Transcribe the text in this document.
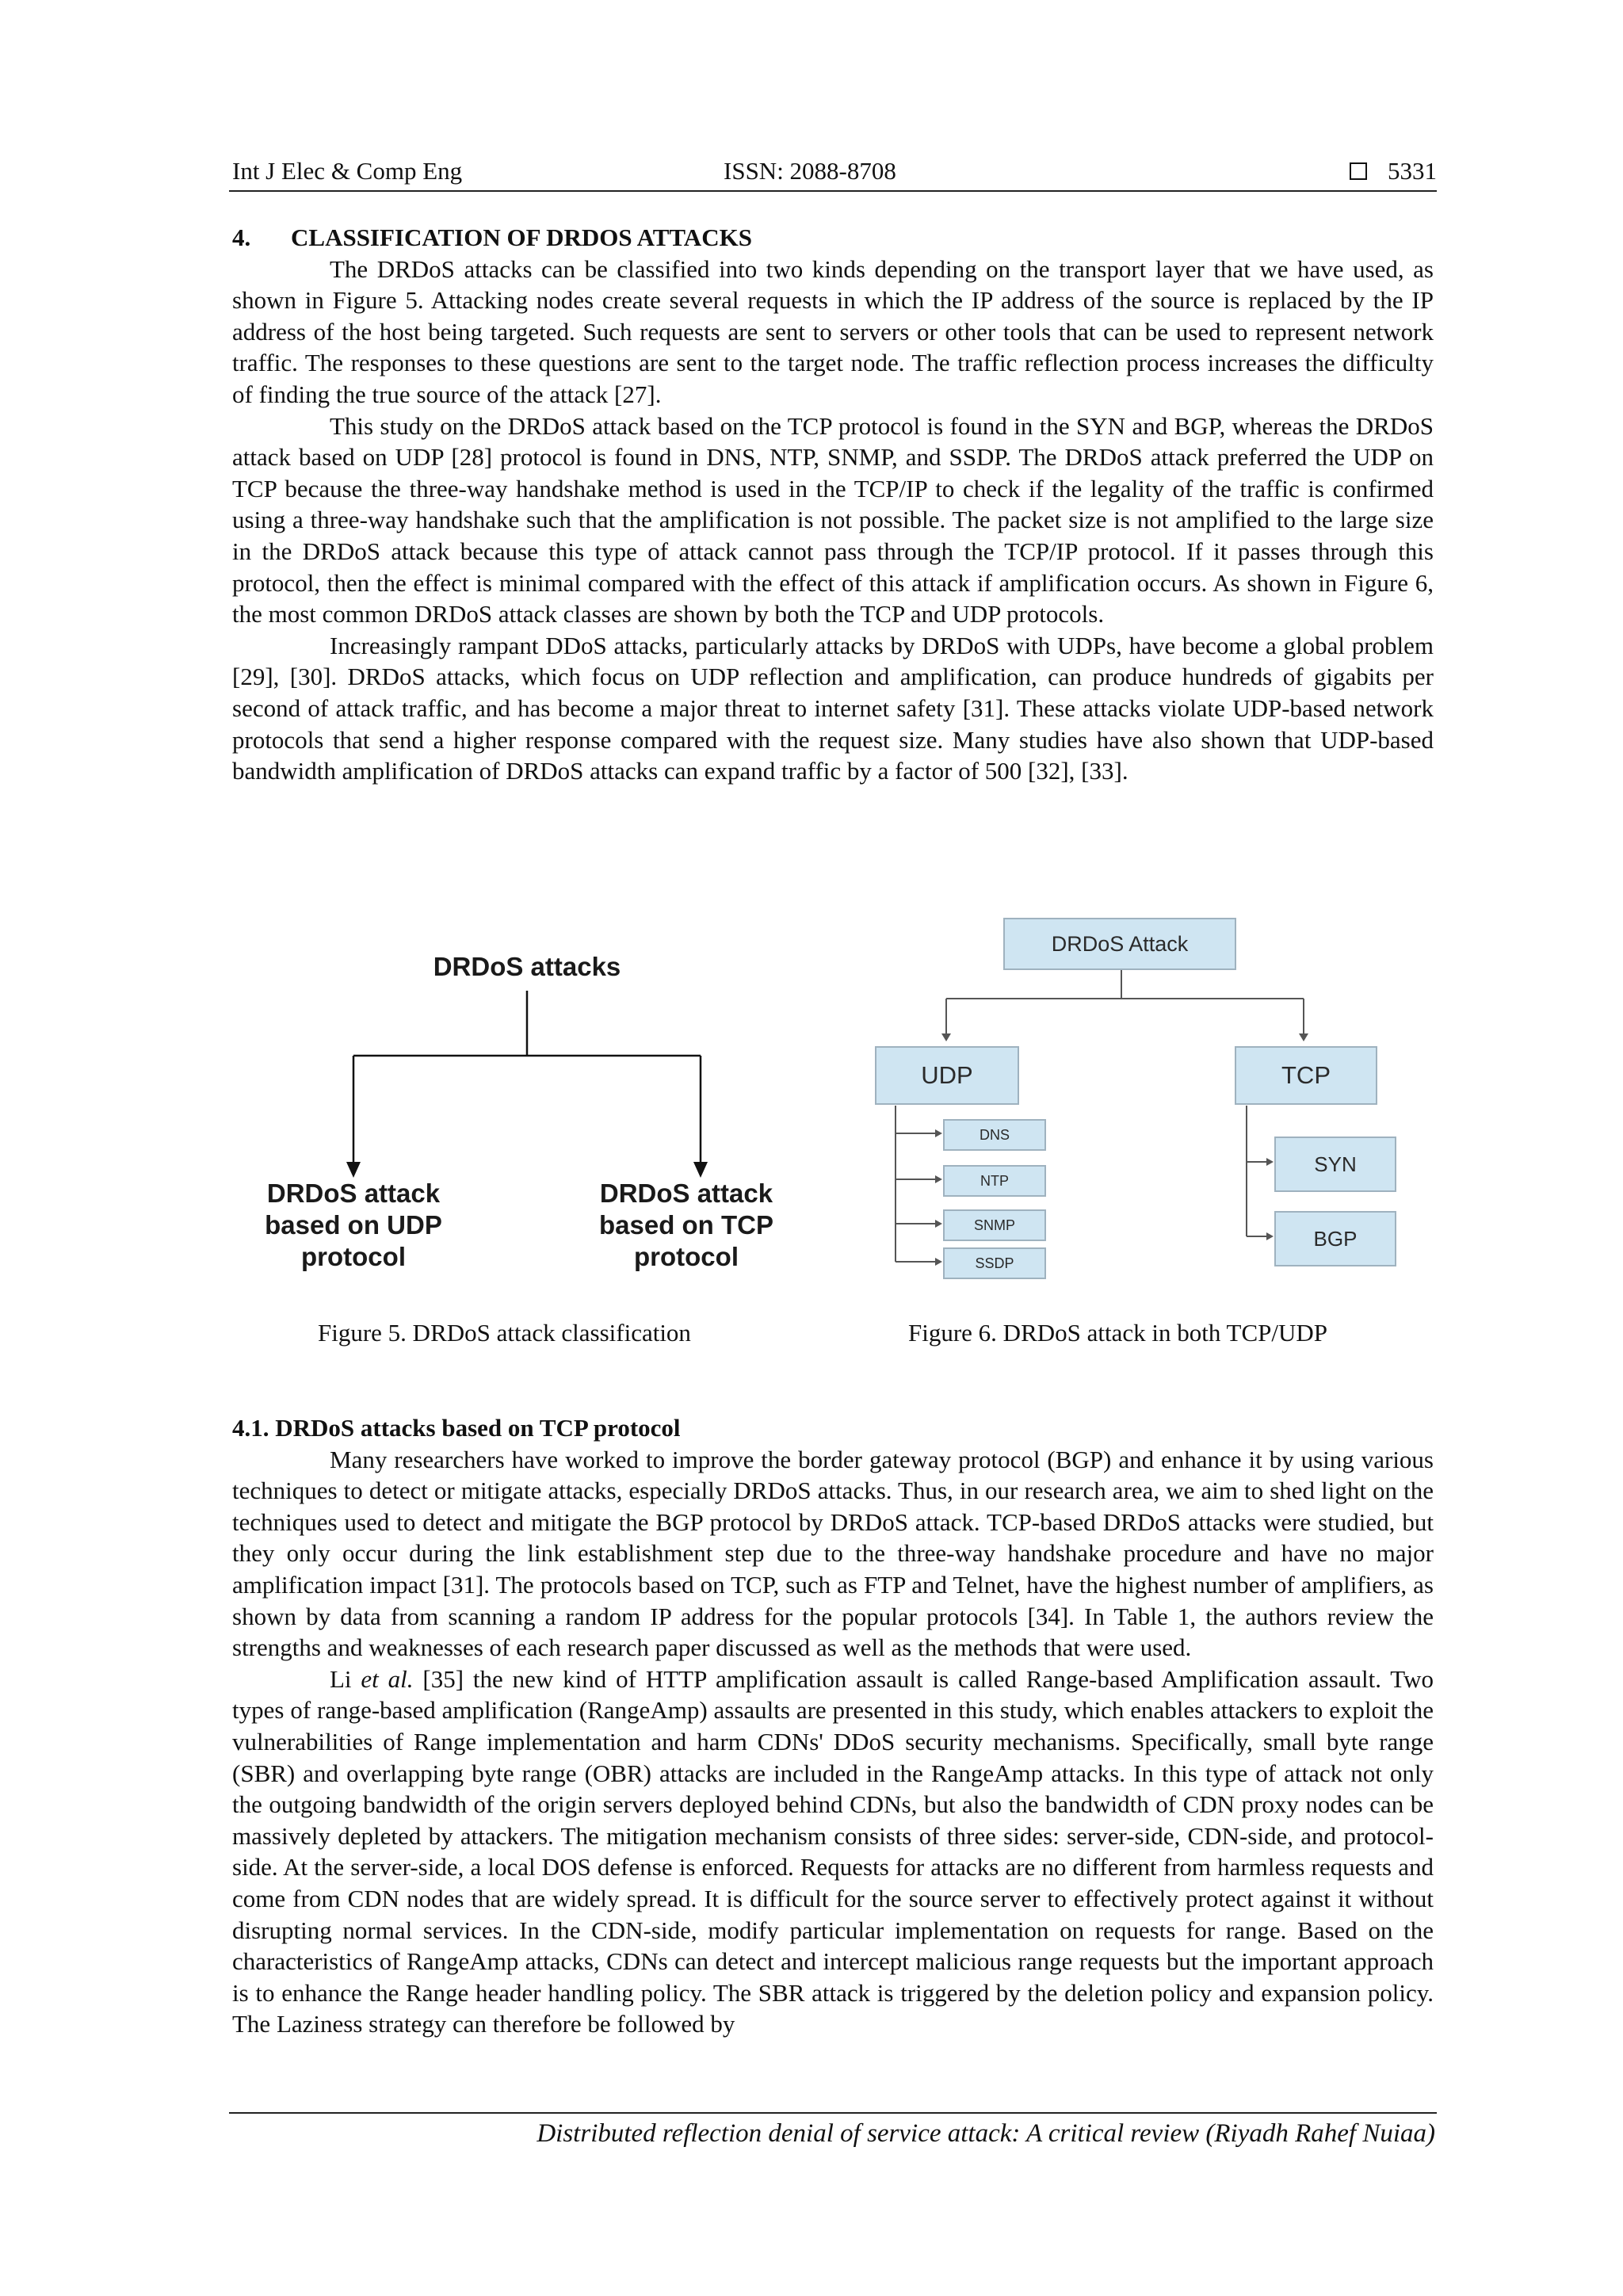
Int J Elec & Comp Eng	ISSN: 2088-8708	5331
4. CLASSIFICATION OF DRDOS ATTACKS

The DRDoS attacks can be classified into two kinds depending on the transport layer that we have used, as shown in Figure 5. Attacking nodes create several requests in which the IP address of the source is replaced by the IP address of the host being targeted. Such requests are sent to servers or other tools that can be used to represent network traffic. The responses to these questions are sent to the target node. The traffic reflection process increases the difficulty of finding the true source of the attack [27].

This study on the DRDoS attack based on the TCP protocol is found in the SYN and BGP, whereas the DRDoS attack based on UDP [28] protocol is found in DNS, NTP, SNMP, and SSDP. The DRDoS attack preferred the UDP on TCP because the three-way handshake method is used in the TCP/IP to check if the legality of the traffic is confirmed using a three-way handshake such that the amplification is not possible. The packet size is not amplified to the large size in the DRDoS attack because this type of attack cannot pass through the TCP/IP protocol. If it passes through this protocol, then the effect is minimal compared with the effect of this attack if amplification occurs. As shown in Figure 6, the most common DRDoS attack classes are shown by both the TCP and UDP protocols.

Increasingly rampant DDoS attacks, particularly attacks by DRDoS with UDPs, have become a global problem [29], [30]. DRDoS attacks, which focus on UDP reflection and amplification, can produce hundreds of gigabits per second of attack traffic, and has become a major threat to internet safety [31]. These attacks violate UDP-based network protocols that send a higher response compared with the request size. Many studies have also shown that UDP-based bandwidth amplification of DRDoS attacks can expand traffic by a factor of 500 [32], [33].

DRDoS attacks
DRDoS attack
based on UDP
protocol
DRDoS attack
based on TCP
protocol
Figure 5. DRDoS attack classification
DRDoS Attack
UDP	TCP
DNS
NTP
SNMP
SSDP
SYN
BGP
Figure 6. DRDoS attack in both TCP/UDP
4.1. DRDoS attacks based on TCP protocol

Many researchers have worked to improve the border gateway protocol (BGP) and enhance it by using various techniques to detect or mitigate attacks, especially DRDoS attacks. Thus, in our research area, we aim to shed light on the techniques used to detect and mitigate the BGP protocol by DRDoS attack. TCP-based DRDoS attacks were studied, but they only occur during the link establishment step due to the three-way handshake procedure and have no major amplification impact [31]. The protocols based on TCP, such as FTP and Telnet, have the highest number of amplifiers, as shown by data from scanning a random IP address for the popular protocols [34]. In Table 1, the authors review the strengths and weaknesses of each research paper discussed as well as the methods that were used.

Li et al. [35] the new kind of HTTP amplification assault is called Range-based Amplification assault. Two types of range-based amplification (RangeAmp) assaults are presented in this study, which enables attackers to exploit the vulnerabilities of Range implementation and harm CDNs' DDoS security mechanisms. Specifically, small byte range (SBR) and overlapping byte range (OBR) attacks are included in the RangeAmp attacks. In this type of attack not only the outgoing bandwidth of the origin servers deployed behind CDNs, but also the bandwidth of CDN proxy nodes can be massively depleted by attackers. The mitigation mechanism consists of three sides: server-side, CDN-side, and protocol-side. At the server-side, a local DOS defense is enforced. Requests for attacks are no different from harmless requests and come from CDN nodes that are widely spread. It is difficult for the source server to effectively protect against it without disrupting normal services. In the CDN-side, modify particular implementation on requests for range. Based on the characteristics of RangeAmp attacks, CDNs can detect and intercept malicious range requests but the important approach is to enhance the Range header handling policy. The SBR attack is triggered by the deletion policy and expansion policy. The Laziness strategy can therefore be followed by

Distributed reflection denial of service attack: A critical review (Riyadh Rahef Nuiaa)
